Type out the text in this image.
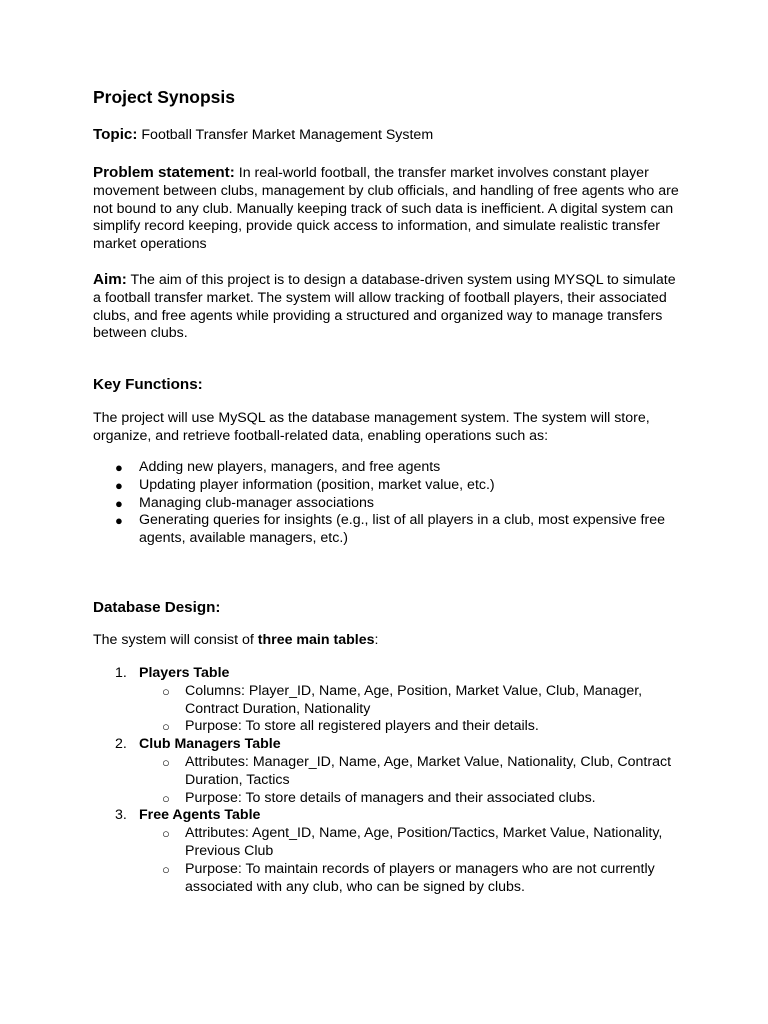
Project Synopsis
Topic: Football Transfer Market Management System
Problem statement: In real-world football, the transfer market involves constant player movement between clubs, management by club officials, and handling of free agents who are not bound to any club. Manually keeping track of such data is inefficient. A digital system can simplify record keeping, provide quick access to information, and simulate realistic transfer market operations
Aim: The aim of this project is to design a database-driven system using MYSQL to simulate a football transfer market. The system will allow tracking of football players, their associated clubs, and free agents while providing a structured and organized way to manage transfers between clubs.
Key Functions:
The project will use MySQL as the database management system. The system will store, organize, and retrieve football-related data, enabling operations such as:
● Adding new players, managers, and free agents
● Updating player information (position, market value, etc.)
● Managing club-manager associations
● Generating queries for insights (e.g., list of all players in a club, most expensive free agents, available managers, etc.)
Database Design:
The system will consist of three main tables:
1. Players Table
○ Columns: Player_ID, Name, Age, Position, Market Value, Club, Manager, Contract Duration, Nationality
○ Purpose: To store all registered players and their details.
2. Club Managers Table
○ Attributes: Manager_ID, Name, Age, Market Value, Nationality, Club, Contract Duration, Tactics
○ Purpose: To store details of managers and their associated clubs.
3. Free Agents Table
○ Attributes: Agent_ID, Name, Age, Position/Tactics, Market Value, Nationality, Previous Club
○ Purpose: To maintain records of players or managers who are not currently associated with any club, who can be signed by clubs.
